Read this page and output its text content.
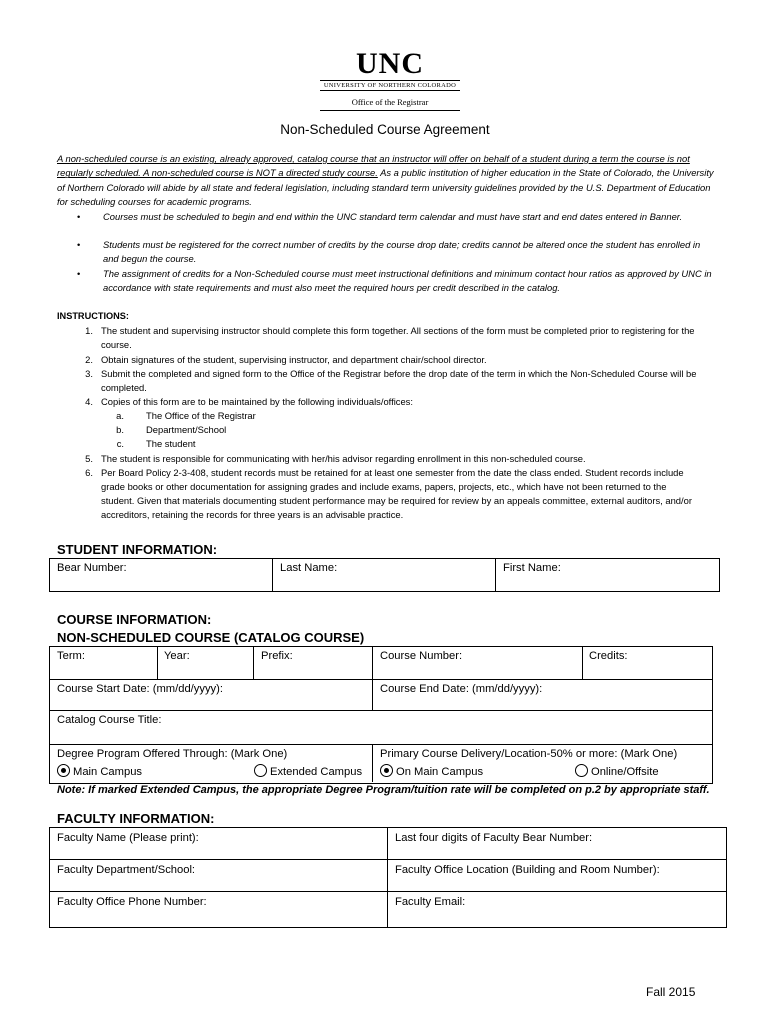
UNC
UNIVERSITY OF NORTHERN COLORADO
Office of the Registrar
Non-Scheduled Course Agreement
A non-scheduled course is an existing, already approved, catalog course that an instructor will offer on behalf of a student during a term the course is not regularly scheduled. A non-scheduled course is NOT a directed study course. As a public institution of higher education in the State of Colorado, the University of Northern Colorado will abide by all state and federal legislation, including standard term university guidelines provided by the U.S. Department of Education for scheduling courses for academic programs.
• Courses must be scheduled to begin and end within the UNC standard term calendar and must have start and end dates entered in Banner.
• Students must be registered for the correct number of credits by the course drop date; credits cannot be altered once the student has enrolled in and begun the course.
• The assignment of credits for a Non-Scheduled course must meet instructional definitions and minimum contact hour ratios as approved by UNC in accordance with state requirements and must also meet the required hours per credit described in the catalog.
INSTRUCTIONS:
1. The student and supervising instructor should complete this form together. All sections of the form must be completed prior to registering for the course.
2. Obtain signatures of the student, supervising instructor, and department chair/school director.
3. Submit the completed and signed form to the Office of the Registrar before the drop date of the term in which the Non-Scheduled Course will be completed.
4. Copies of this form are to be maintained by the following individuals/offices:
a. The Office of the Registrar
b. Department/School
c. The student
5. The student is responsible for communicating with her/his advisor regarding enrollment in this non-scheduled course.
6. Per Board Policy 2-3-408, student records must be retained for at least one semester from the date the class ended. Student records include grade books or other documentation for assigning grades and include exams, papers, projects, etc., which have not been returned to the student. Given that materials documenting student performance may be required for review by an appeals committee, external auditors, and/or accreditors, retaining the records for three years is an advisable practice.
STUDENT INFORMATION:
Bear Number:	Last Name:	First Name:
COURSE INFORMATION:
NON-SCHEDULED COURSE (CATALOG COURSE)
Term:	Year:	Prefix:	Course Number:	Credits:
Course Start Date: (mm/dd/yyyy):	Course End Date: (mm/dd/yyyy):
Catalog Course Title:
Degree Program Offered Through: (Mark One)
Main Campus	Extended Campus
Primary Course Delivery/Location-50% or more: (Mark One)
On Main Campus	Online/Offsite
Note: If marked Extended Campus, the appropriate Degree Program/tuition rate will be completed on p.2 by appropriate staff.
FACULTY INFORMATION:
Faculty Name (Please print):	Last four digits of Faculty Bear Number:
Faculty Department/School:	Faculty Office Location (Building and Room Number):
Faculty Office Phone Number:	Faculty Email:
Fall 2015
